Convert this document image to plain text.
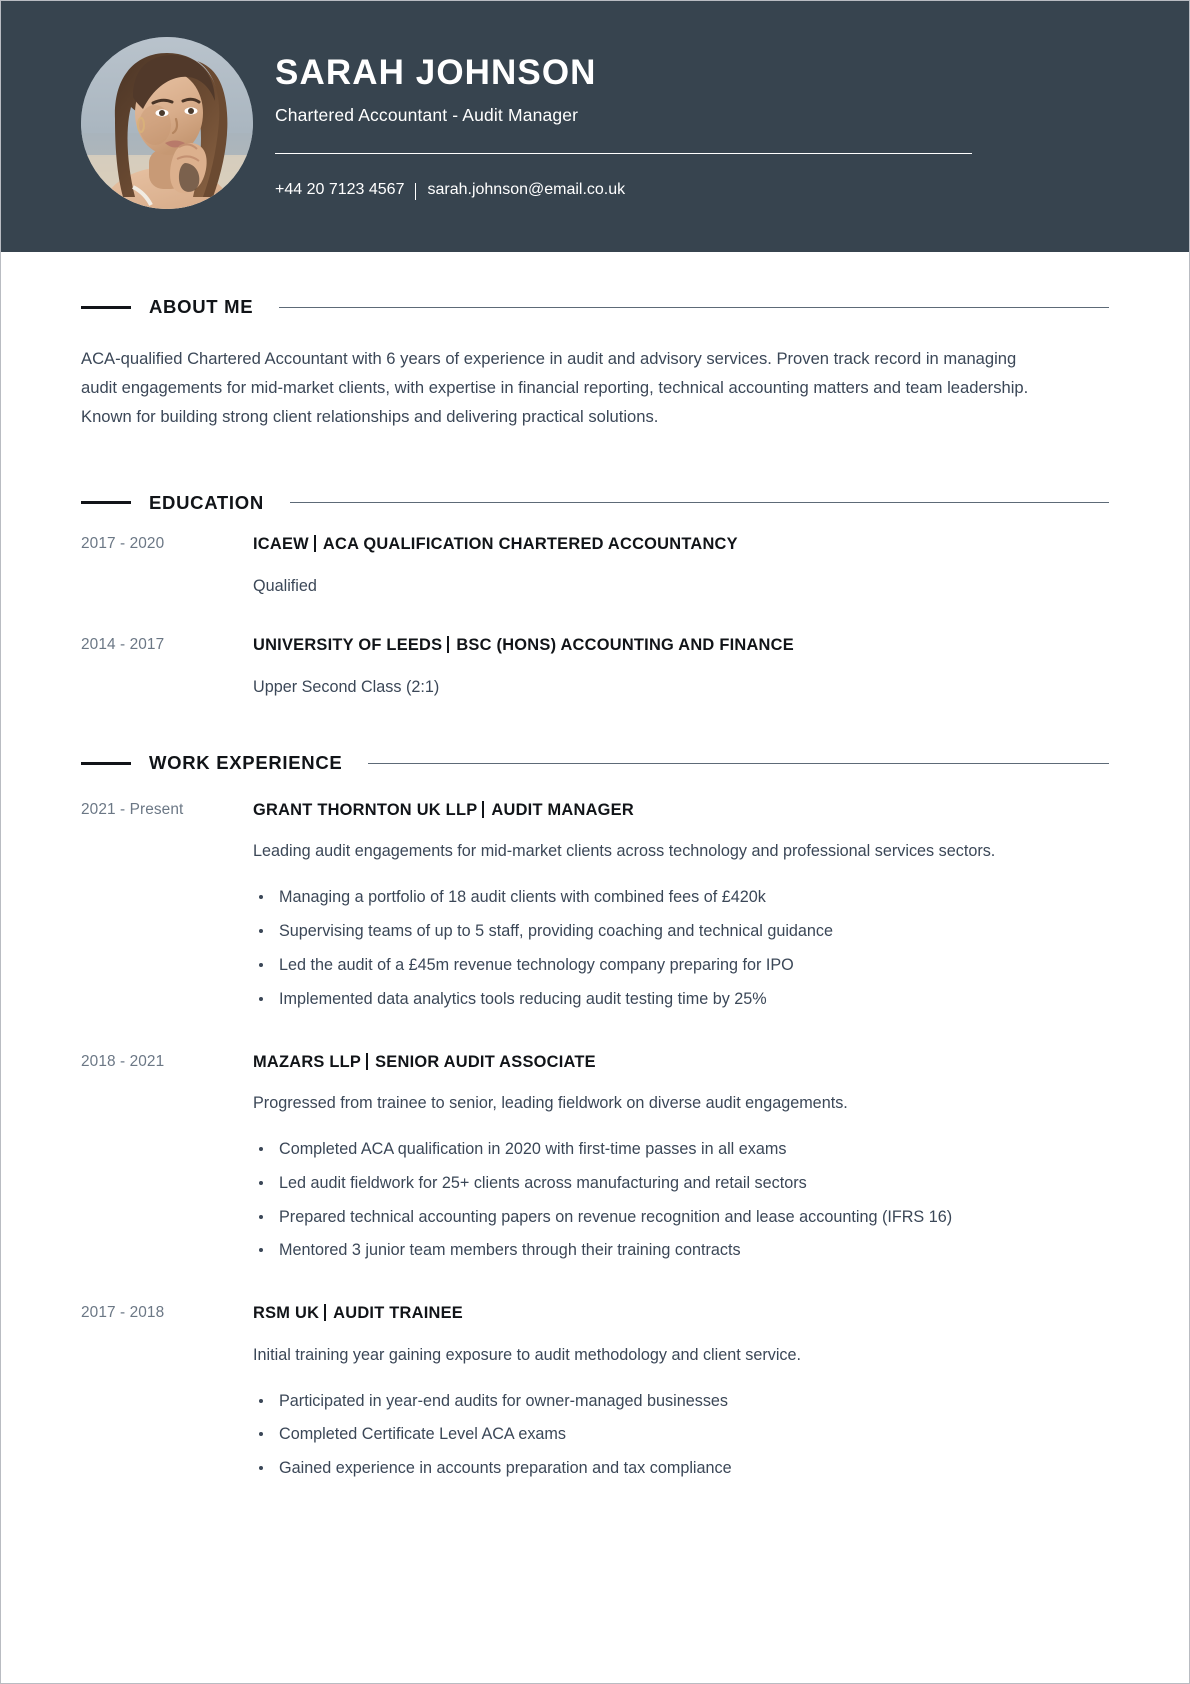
SARAH JOHNSON
Chartered Accountant - Audit Manager
+44 20 7123 4567 sarah.johnson@email.co.uk
ABOUT ME

ACA-qualified Chartered Accountant with 6 years of experience in audit and advisory services. Proven track record in managing audit engagements for mid-market clients, with expertise in financial reporting, technical accounting matters and team leadership. Known for building strong client relationships and delivering practical solutions.

EDUCATION
2017 - 2020	ICAEW ACA QUALIFICATION CHARTERED ACCOUNTANCY
Qualified
2014 - 2017	UNIVERSITY OF LEEDS BSC (HONS) ACCOUNTING AND FINANCE
Upper Second Class (2:1)
WORK EXPERIENCE
2021 - Present	GRANT THORNTON UK LLP AUDIT MANAGER
Leading audit engagements for mid-market clients across technology and professional services sectors.
Managing a portfolio of 18 audit clients with combined fees of £420k
Supervising teams of up to 5 staff, providing coaching and technical guidance
Led the audit of a £45m revenue technology company preparing for IPO
Implemented data analytics tools reducing audit testing time by 25%
2018 - 2021	MAZARS LLP SENIOR AUDIT ASSOCIATE
Progressed from trainee to senior, leading fieldwork on diverse audit engagements.
Completed ACA qualification in 2020 with first-time passes in all exams
Led audit fieldwork for 25+ clients across manufacturing and retail sectors
Prepared technical accounting papers on revenue recognition and lease accounting (IFRS 16)
Mentored 3 junior team members through their training contracts
2017 - 2018	RSM UK AUDIT TRAINEE
Initial training year gaining exposure to audit methodology and client service.
Participated in year-end audits for owner-managed businesses
Completed Certificate Level ACA exams
Gained experience in accounts preparation and tax compliance
